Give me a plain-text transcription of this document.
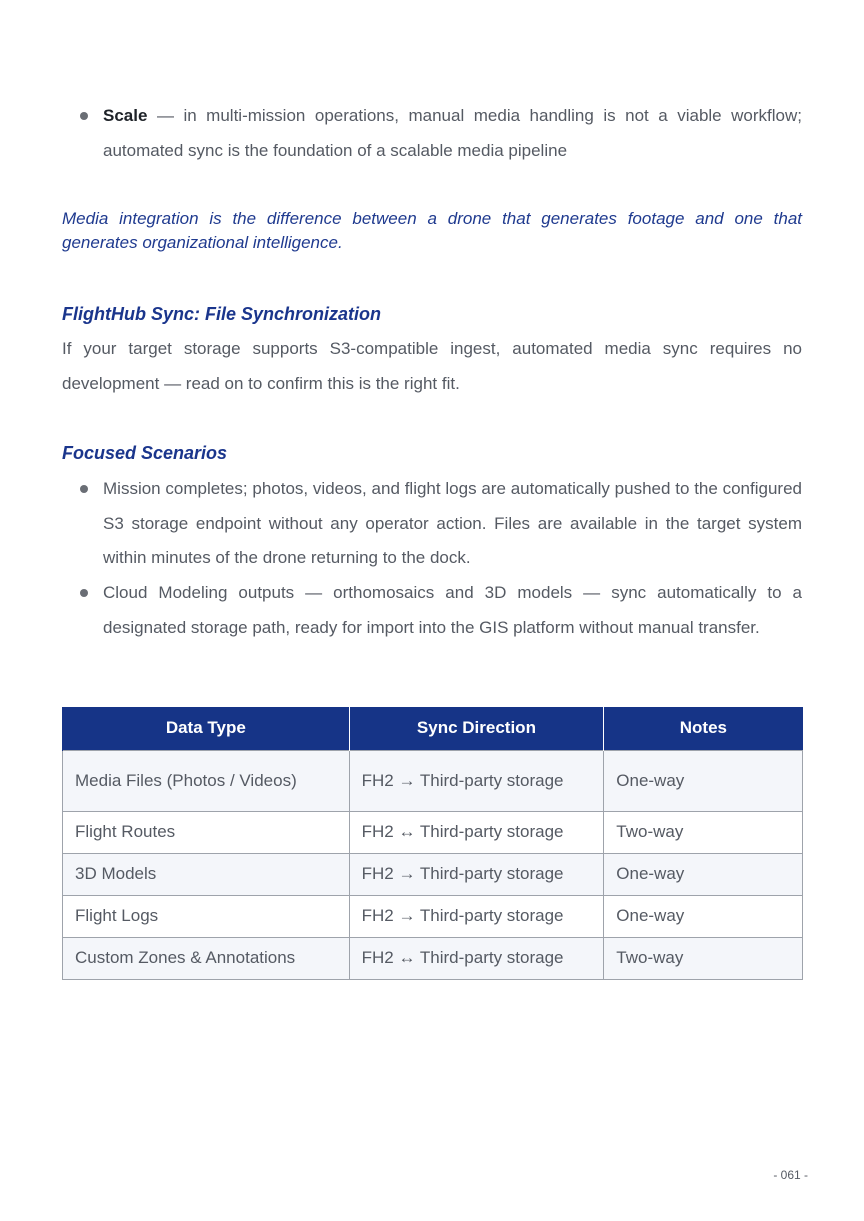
Scale — in multi-mission operations, manual media handling is not a viable workflow; automated sync is the foundation of a scalable media pipeline
Media integration is the difference between a drone that generates footage and one that generates organizational intelligence.
FlightHub Sync: File Synchronization
If your target storage supports S3-compatible ingest, automated media sync requires no development — read on to confirm this is the right fit.
Focused Scenarios
Mission completes; photos, videos, and flight logs are automatically pushed to the configured S3 storage endpoint without any operator action. Files are available in the target system within minutes of the drone returning to the dock.
Cloud Modeling outputs — orthomosaics and 3D models — sync automatically to a designated storage path, ready for import into the GIS platform without manual transfer.
Data Type	Sync Direction	Notes
Media Files (Photos / Videos)	FH2 → Third-party storage	One-way
Flight Routes	FH2 ↔ Third-party storage	Two-way
3D Models	FH2 → Third-party storage	One-way
Flight Logs	FH2 → Third-party storage	One-way
Custom Zones & Annotations	FH2 ↔ Third-party storage	Two-way
- 061 -
